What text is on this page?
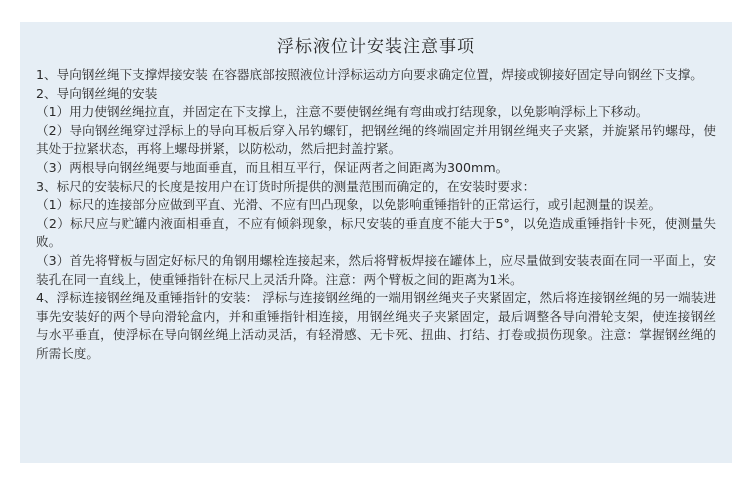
浮标液位计安装注意事项

1、导向钢丝绳下支撑焊接安装 在容器底部按照液位计浮标运动方向要求确定位置，焊接或铆接好固定导向钢丝下支撑。

2、导向钢丝绳的安装

（1）用力使钢丝绳拉直，并固定在下支撑上，注意不要使钢丝绳有弯曲或打结现象，以免影响浮标上下移动。

（2）导向钢丝绳穿过浮标上的导向耳板后穿入吊钓螺钉，把钢丝绳的终端固定并用钢丝绳夹子夹紧，并旋紧吊钓螺母，使其处于拉紧状态，再将上螺母拼紧，以防松动，然后把封盖拧紧。

（3）两根导向钢丝绳要与地面垂直，而且相互平行，保证两者之间距离为300mm。

3、标尺的安装标尺的长度是按用户在订货时所提供的测量范围而确定的，在安装时要求：

（1）标尺的连接部分应做到平直、光滑、不应有凹凸现象，以免影响重锤指针的正常运行，或引起测量的误差。

（2）标尺应与贮罐内液面相垂直，不应有倾斜现象，标尺安装的垂直度不能大于5°，以免造成重锤指针卡死，使测量失败。

（3）首先将臂板与固定好标尺的角钢用螺栓连接起来，然后将臂板焊接在罐体上，应尽量做到安装表面在同一平面上，安装孔在同一直线上，使重锤指针在标尺上灵活升降。注意：两个臂板之间的距离为1米。

4、浮标连接钢丝绳及重锤指针的安装： 浮标与连接钢丝绳的一端用钢丝绳夹子夹紧固定，然后将连接钢丝绳的另一端装进事先安装好的两个导向滑轮盒内，并和重锤指针相连接，用钢丝绳夹子夹紧固定，最后调整各导向滑轮支架，使连接钢丝与水平垂直，使浮标在导向钢丝绳上活动灵活，有轻滑感、无卡死、扭曲、打结、打卷或损伤现象。注意：掌握钢丝绳的所需长度。
